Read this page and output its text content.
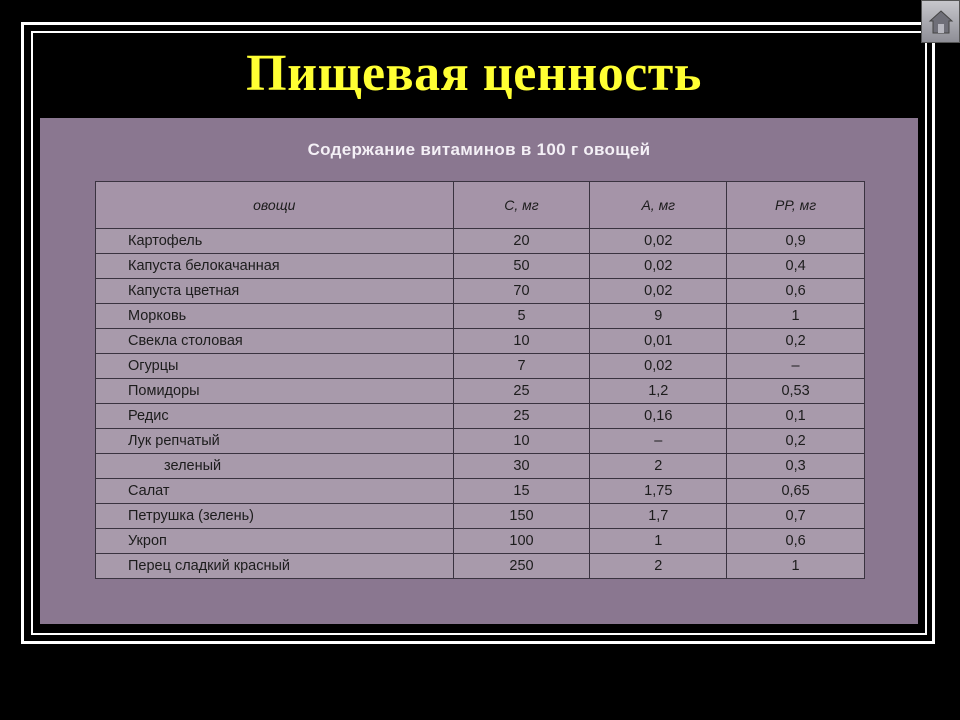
Пищевая ценность
Содержание витаминов в 100 г овощей
овощи	C, мг	A, мг	PP, мг
Картофель	20	0,02	0,9
Капуста белокачанная	50	0,02	0,4
Капуста цветная	70	0,02	0,6
Морковь	5	9	1
Свекла столовая	10	0,01	0,2
Огурцы	7	0,02	–
Помидоры	25	1,2	0,53
Редис	25	0,16	0,1
Лук репчатый	10	–	0,2
зеленый	30	2	0,3
Салат	15	1,75	0,65
Петрушка (зелень)	150	1,7	0,7
Укроп	100	1	0,6
Перец сладкий красный	250	2	1
